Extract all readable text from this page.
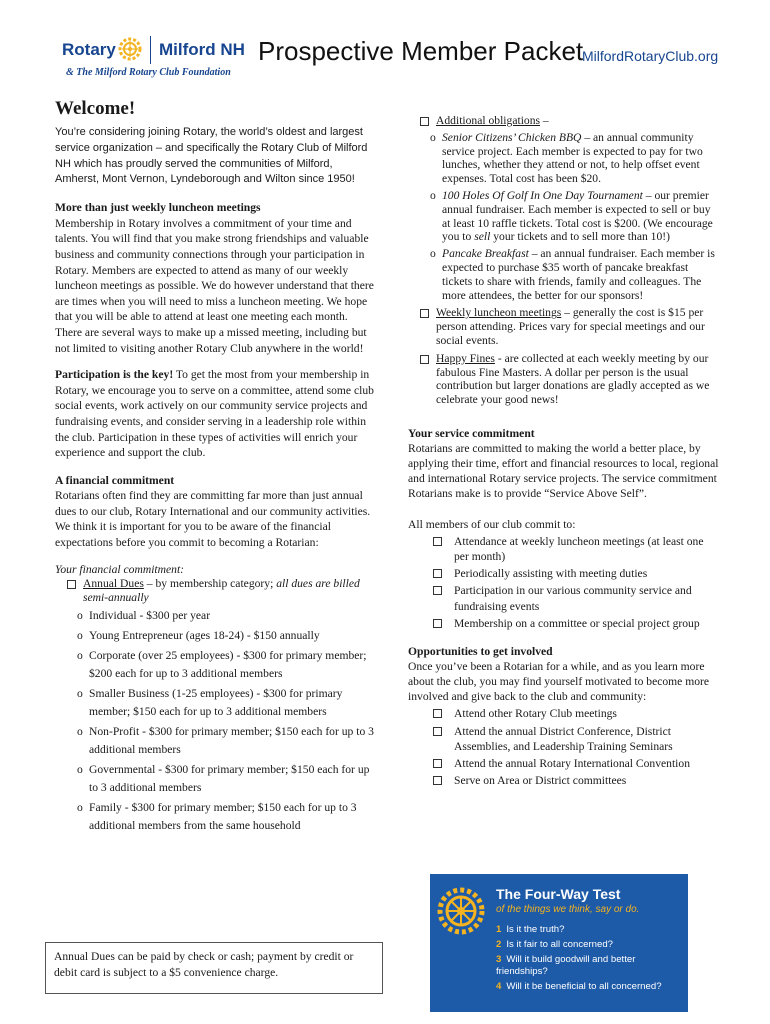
Rotary	Milford NH
& The Milford Rotary Club Foundation
Prospective Member Packet
MilfordRotaryClub.org
Welcome!

You’re considering joining Rotary, the world’s oldest and largest service organization – and specifically the Rotary Club of Milford NH which has proudly served the communities of Milford, Amherst, Mont Vernon, Lyndeborough and Wilton since 1950!

More than just weekly luncheon meetings

Membership in Rotary involves a commitment of your time and talents. You will find that you make strong friendships and valuable business and community connections through your participation in Rotary. Members are expected to attend as many of our weekly luncheon meetings as possible. We do however understand that there are times when you will need to miss a luncheon meeting. We hope that you will be able to attend at least one meeting each month. There are several ways to make up a missed meeting, including but not limited to visiting another Rotary Club anywhere in the world!

Participation is the key! To get the most from your membership in Rotary, we encourage you to serve on a committee, attend some club social events, work actively on our community service projects and fundraising events, and consider serving in a leadership role within the club. Participation in these types of activities will enrich your experience and support the club.

A financial commitment

Rotarians often find they are committing far more than just annual dues to our club, Rotary International and our community activities. We think it is important for you to be aware of the financial expectations before you commit to becoming a Rotarian:

Your financial commitment:
Annual Dues – by membership category; all dues are billed semi-annually
o Individual - $300 per year
o Young Entrepreneur (ages 18-24) - $150 annually
o Corporate (over 25 employees) - $300 for primary member; $200 each for up to 3 additional members
o Smaller Business (1-25 employees) - $300 for primary member; $150 each for up to 3 additional members
o Non-Profit - $300 for primary member; $150 each for up to 3 additional members
o Governmental - $300 for primary member; $150 each for up to 3 additional members
o Family - $300 for primary member; $150 each for up to 3 additional members from the same household
Annual Dues can be paid by check or cash; payment by credit or debit card is subject to a $5 convenience charge.
Additional obligations –
o Senior Citizens’ Chicken BBQ – an annual community service project. Each member is expected to pay for two lunches, whether they attend or not, to help offset event expenses. Total cost has been $20.
o 100 Holes Of Golf In One Day Tournament – our premier annual fundraiser. Each member is expected to sell or buy at least 10 raffle tickets. Total cost is $200. (We encourage you to sell your tickets and to sell more than 10!)
o Pancake Breakfast – an annual fundraiser. Each member is expected to purchase $35 worth of pancake breakfast tickets to share with friends, family and colleagues. The more attendees, the better for our sponsors!
Weekly luncheon meetings – generally the cost is $15 per person attending. Prices vary for special meetings and our social events.
Happy Fines - are collected at each weekly meeting by our fabulous Fine Masters. A dollar per person is the usual contribution but larger donations are gladly accepted as we celebrate your good news!
Your service commitment

Rotarians are committed to making the world a better place, by applying their time, effort and financial resources to local, regional and international Rotary service projects. The service commitment Rotarians make is to provide “Service Above Self”.

All members of our club commit to:
Attendance at weekly luncheon meetings (at least one per month)
Periodically assisting with meeting duties
Participation in our various community service and fundraising events
Membership on a committee or special project group
Opportunities to get involved

Once you’ve been a Rotarian for a while, and as you learn more about the club, you may find yourself motivated to become more involved and give back to the club and community:

Attend other Rotary Club meetings
Attend the annual District Conference, District Assemblies, and Leadership Training Seminars
Attend the annual Rotary International Convention
Serve on Area or District committees
The Four-Way Test
of the things we think, say or do.
1 Is it the truth?
2 Is it fair to all concerned?
3 Will it build goodwill and better friendships?
4 Will it be beneficial to all concerned?
